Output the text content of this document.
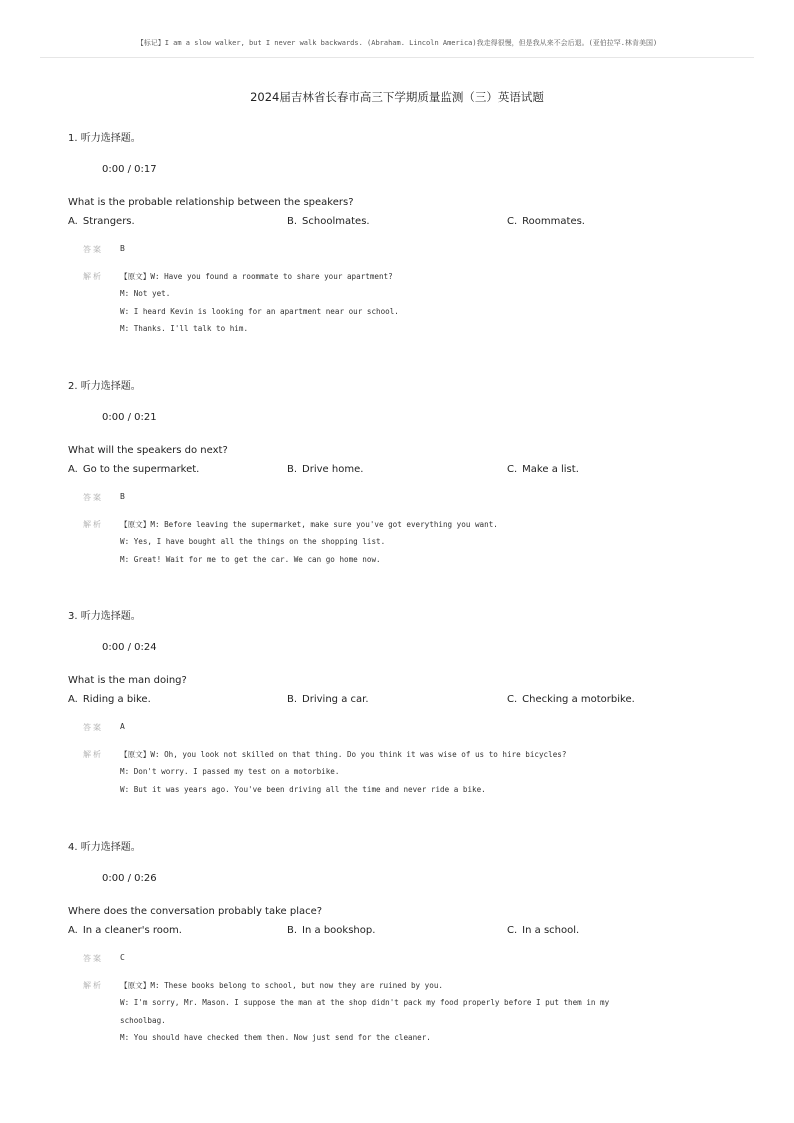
【标记】I am a slow walker, but I never walk backwards. (Abraham. Lincoln America)我走得很慢，但是我从来不会后退。(亚伯拉罕.林肯美国)
2024届吉林省长春市高三下学期质量监测（三）英语试题
1. 听力选择题。
0:00 / 0:17
What is the probable relationship between the speakers?
A. Strangers.	B. Schoolmates.	C. Roommates.
答案	B
解析	【原文】W: Have you found a roommate to share your apartment?
M: Not yet.
W: I heard Kevin is looking for an apartment near our school.
M: Thanks. I'll talk to him.
2. 听力选择题。
0:00 / 0:21
What will the speakers do next?
A. Go to the supermarket.	B. Drive home.	C. Make a list.
答案	B
解析	【原文】M: Before leaving the supermarket, make sure you've got everything you want.
W: Yes, I have bought all the things on the shopping list.
M: Great! Wait for me to get the car. We can go home now.
3. 听力选择题。
0:00 / 0:24
What is the man doing?
A. Riding a bike.	B. Driving a car.	C. Checking a motorbike.
答案	A
解析	【原文】W: Oh, you look not skilled on that thing. Do you think it was wise of us to hire bicycles?
M: Don't worry. I passed my test on a motorbike.
W: But it was years ago. You've been driving all the time and never ride a bike.
4. 听力选择题。
0:00 / 0:26
Where does the conversation probably take place?
A. In a cleaner's room.	B. In a bookshop.	C. In a school.
答案	C
解析	【原文】M: These books belong to school, but now they are ruined by you.
W: I'm sorry, Mr. Mason. I suppose the man at the shop didn't pack my food properly before I put them in my
schoolbag.
M: You should have checked them then. Now just send for the cleaner.
